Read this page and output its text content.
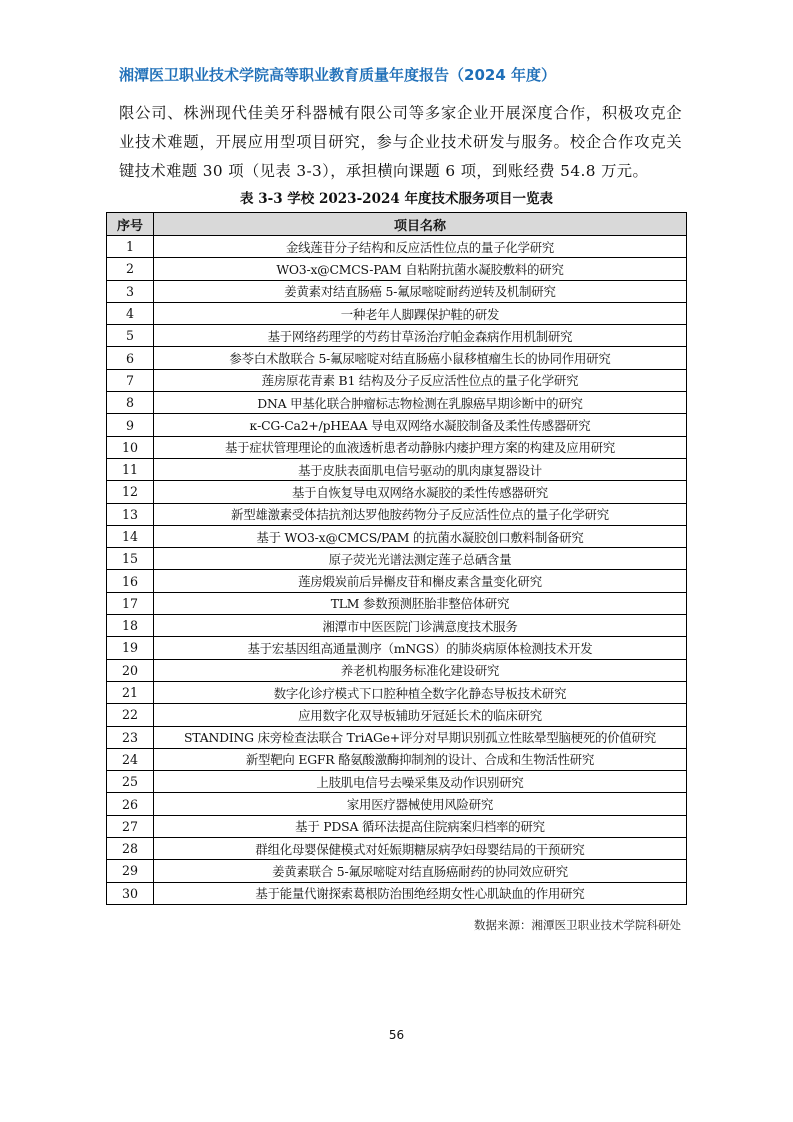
湘潭医卫职业技术学院高等职业教育质量年度报告（2024 年度）
限公司、株洲现代佳美牙科器械有限公司等多家企业开展深度合作，积极攻克企
业技术难题，开展应用型项目研究，参与企业技术研发与服务。校企合作攻克关
键技术难题 30 项（见表 3-3），承担横向课题 6 项，到账经费 54.8 万元。
表 3-3 学校 2023-2024 年度技术服务项目一览表
序号	项目名称
1	金线莲苷分子结构和反应活性位点的量子化学研究
2	WO3-x@CMCS-PAM 自粘附抗菌水凝胶敷料的研究
3	姜黄素对结直肠癌 5-氟尿嘧啶耐药逆转及机制研究
4	一种老年人脚踝保护鞋的研发
5	基于网络药理学的芍药甘草汤治疗帕金森病作用机制研究
6	参苓白术散联合 5-氟尿嘧啶对结直肠癌小鼠移植瘤生长的协同作用研究
7	莲房原花青素 B1 结构及分子反应活性位点的量子化学研究
8	DNA 甲基化联合肿瘤标志物检测在乳腺癌早期诊断中的研究
9	κ-CG-Ca2+/pHEAA 导电双网络水凝胶制备及柔性传感器研究
10	基于症状管理理论的血液透析患者动静脉内瘘护理方案的构建及应用研究
11	基于皮肤表面肌电信号驱动的肌肉康复器设计
12	基于自恢复导电双网络水凝胶的柔性传感器研究
13	新型雄激素受体拮抗剂达罗他胺药物分子反应活性位点的量子化学研究
14	基于 WO3-x@CMCS/PAM 的抗菌水凝胶创口敷料制备研究
15	原子荧光光谱法测定莲子总硒含量
16	莲房煅炭前后异槲皮苷和槲皮素含量变化研究
17	TLM 参数预测胚胎非整倍体研究
18	湘潭市中医医院门诊满意度技术服务
19	基于宏基因组高通量测序（mNGS）的肺炎病原体检测技术开发
20	养老机构服务标准化建设研究
21	数字化诊疗模式下口腔种植全数字化静态导板技术研究
22	应用数字化双导板辅助牙冠延长术的临床研究
23	STANDING 床旁检查法联合 TriAGe+评分对早期识别孤立性眩晕型脑梗死的价值研究
24	新型靶向 EGFR 酪氨酸激酶抑制剂的设计、合成和生物活性研究
25	上肢肌电信号去噪采集及动作识别研究
26	家用医疗器械使用风险研究
27	基于 PDSA 循环法提高住院病案归档率的研究
28	群组化母婴保健模式对妊娠期糖尿病孕妇母婴结局的干预研究
29	姜黄素联合 5-氟尿嘧啶对结直肠癌耐药的协同效应研究
30	基于能量代谢探索葛根防治围绝经期女性心肌缺血的作用研究
数据来源：湘潭医卫职业技术学院科研处
56
